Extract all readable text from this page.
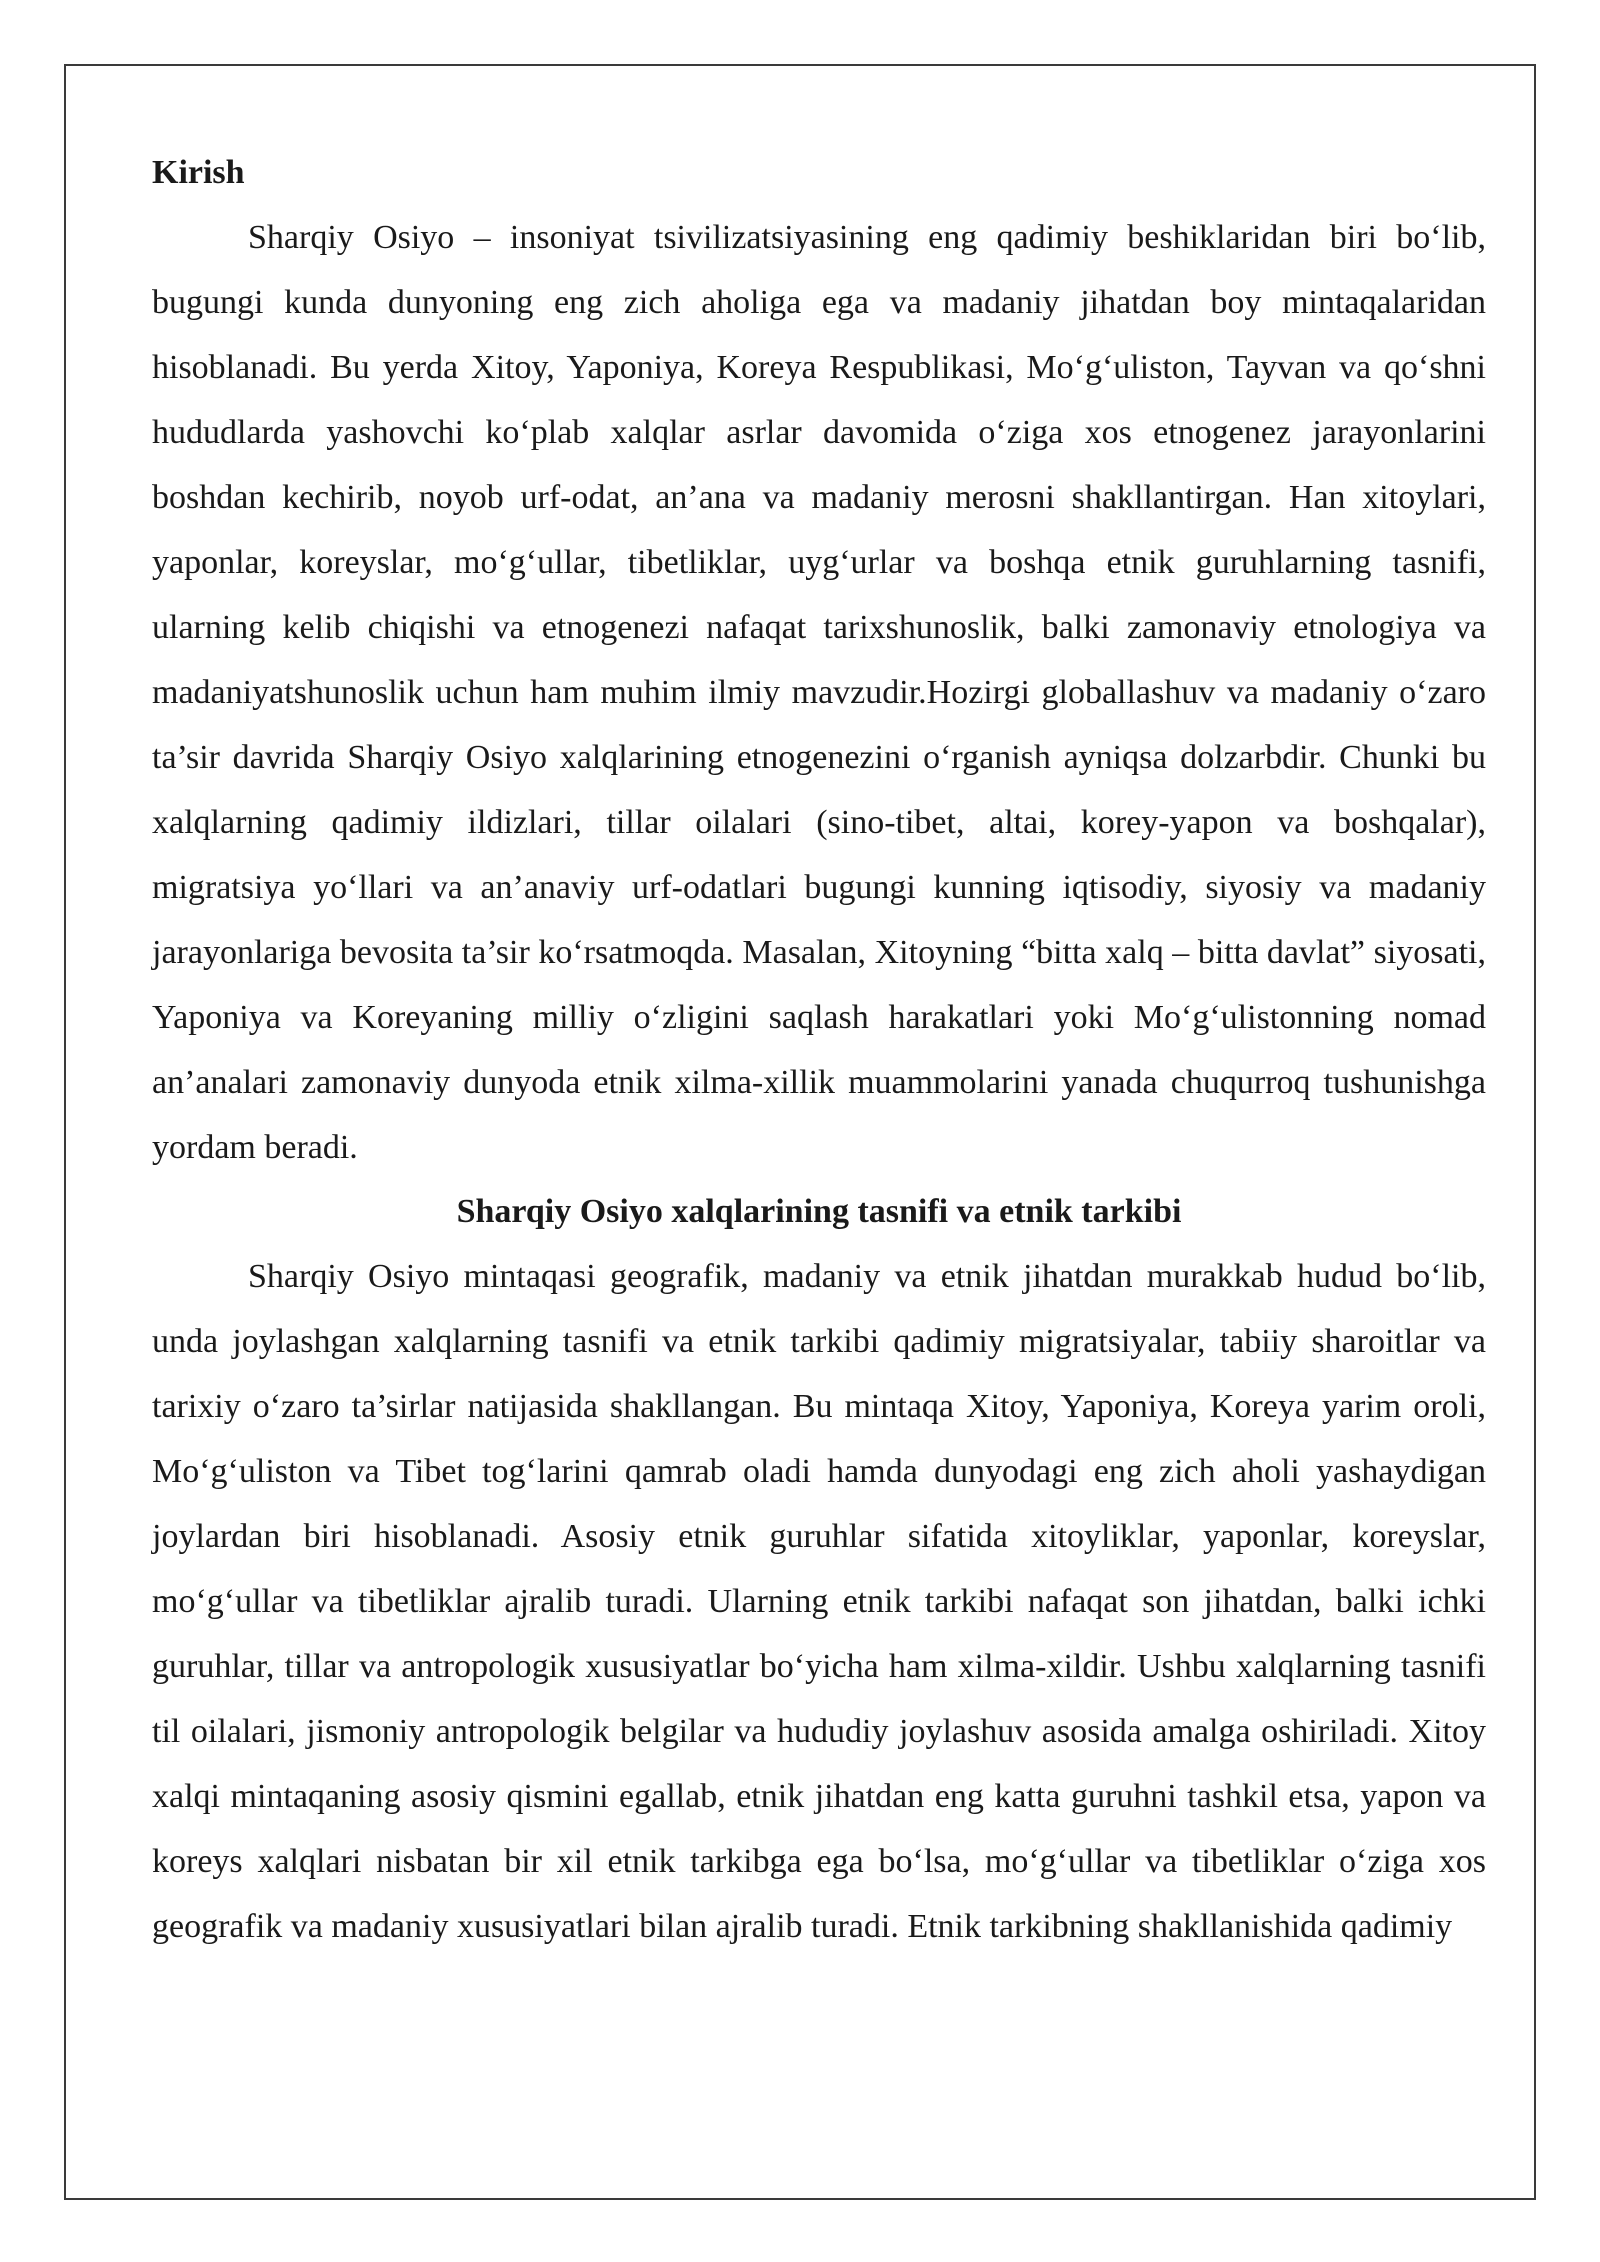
Kirish

Sharqiy Osiyo – insoniyat tsivilizatsiyasining eng qadimiy beshiklaridan biri bo‘lib, bugungi kunda dunyoning eng zich aholiga ega va madaniy jihatdan boy mintaqalaridan hisoblanadi. Bu yerda Xitoy, Yaponiya, Koreya Respublikasi, Mo‘g‘uliston, Tayvan va qo‘shni hududlarda yashovchi ko‘plab xalqlar asrlar davomida o‘ziga xos etnogenez jarayonlarini boshdan kechirib, noyob urf-odat, an’ana va madaniy merosni shakllantirgan. Han xitoylari, yaponlar, koreyslar, mo‘g‘ullar, tibetliklar, uyg‘urlar va boshqa etnik guruhlarning tasnifi, ularning kelib chiqishi va etnogenezi nafaqat tarixshunoslik, balki zamonaviy etnologiya va madaniyatshunoslik uchun ham muhim ilmiy mavzudir.Hozirgi globallashuv va madaniy o‘zaro ta’sir davrida Sharqiy Osiyo xalqlarining etnogenezini o‘rganish ayniqsa dolzarbdir. Chunki bu xalqlarning qadimiy ildizlari, tillar oilalari (sino-tibet, altai, korey-yapon va boshqalar), migratsiya yo‘llari va an’anaviy urf-odatlari bugungi kunning iqtisodiy, siyosiy va madaniy jarayonlariga bevosita ta’sir ko‘rsatmoqda. Masalan, Xitoyning “bitta xalq – bitta davlat” siyosati, Yaponiya va Koreyaning milliy o‘zligini saqlash harakatlari yoki Mo‘g‘ulistonning nomad an’analari zamonaviy dunyoda etnik xilma-xillik muammolarini yanada chuqurroq tushunishga yordam beradi.

Sharqiy Osiyo xalqlarining tasnifi va etnik tarkibi

Sharqiy Osiyo mintaqasi geografik, madaniy va etnik jihatdan murakkab hudud bo‘lib, unda joylashgan xalqlarning tasnifi va etnik tarkibi qadimiy migratsiyalar, tabiiy sharoitlar va tarixiy o‘zaro ta’sirlar natijasida shakllangan. Bu mintaqa Xitoy, Yaponiya, Koreya yarim oroli, Mo‘g‘uliston va Tibet tog‘larini qamrab oladi hamda dunyodagi eng zich aholi yashaydigan joylardan biri hisoblanadi. Asosiy etnik guruhlar sifatida xitoyliklar, yaponlar, koreyslar, mo‘g‘ullar va tibetliklar ajralib turadi. Ularning etnik tarkibi nafaqat son jihatdan, balki ichki guruhlar, tillar va antropologik xususiyatlar bo‘yicha ham xilma-xildir. Ushbu xalqlarning tasnifi til oilalari, jismoniy antropologik belgilar va hududiy joylashuv asosida amalga oshiriladi. Xitoy xalqi mintaqaning asosiy qismini egallab, etnik jihatdan eng katta guruhni tashkil etsa, yapon va koreys xalqlari nisbatan bir xil etnik tarkibga ega bo‘lsa, mo‘g‘ullar va tibetliklar o‘ziga xos geografik va madaniy xususiyatlari bilan ajralib turadi. Etnik tarkibning shakllanishida qadimiy
